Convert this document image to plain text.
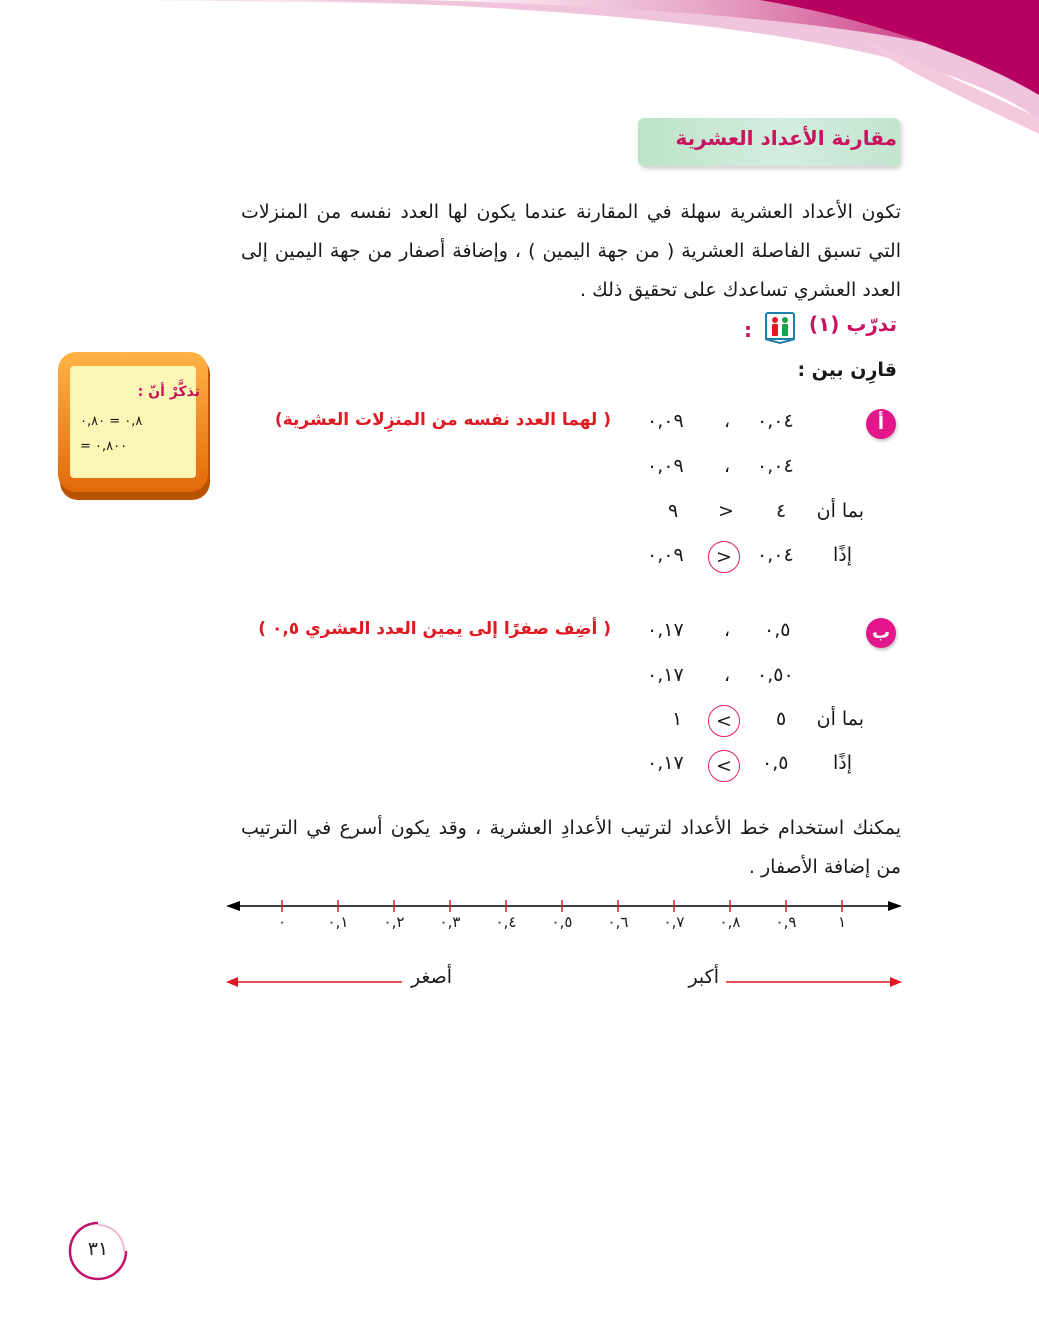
مقارنة الأعداد العشرية
تكون الأعداد العشرية سهلة في المقارنة عندما يكون لها العدد نفسه من المنزلات التي تسبق الفاصلة العشرية ( من جهة اليمين ) ، وإضافة أصفار من جهة اليمين إلى العدد العشري تساعدك على تحقيق ذلك .
تدرّب (١)
:
قارِن بين :
تذكَّرْ أنّ :
٠,٨ = ٠,٨٠
= ٠,٨٠٠
أ
٠,٠٤
،
٠,٠٩
( لهما العدد نفسه من المنزِلات العشرية)
٠,٠٤
،
٠,٠٩
بما أن
٤
>
٩
إذًا
٠,٠٤
>
٠,٠٩
ب
٠,٥
،
٠,١٧
( أضِف صفرًا إلى يمين العدد العشري ٠,٥ )
٠,٥٠
،
٠,١٧
بما أن
٥
<
١
إذًا
٠,٥
<
٠,١٧
يمكنك استخدام خط الأعداد لترتيب الأعدادِ العشرية ، وقد يكون أسرع في الترتيب من إضافة الأصفار .
١
٠,٩
٠,٨
٠,٧
٠,٦
٠,٥
٠,٤
٠,٣
٠,٢
٠,١
٠
أصغر	أكبر
٣١
